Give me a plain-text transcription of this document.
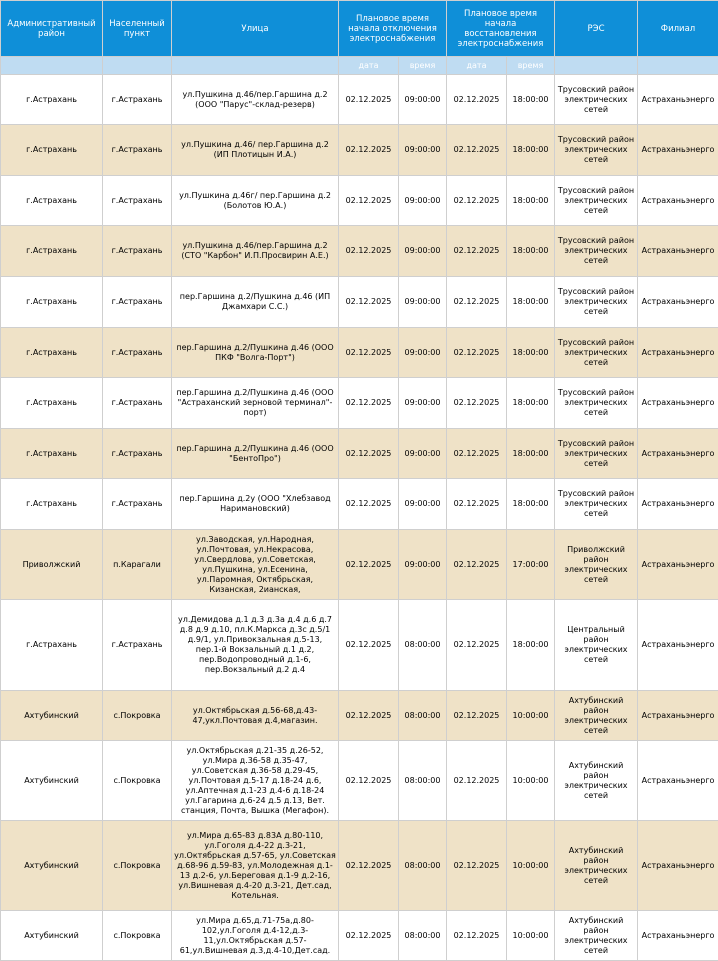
Административный район	Населенный пункт	Улица	Плановое время начала отключения электроснабжения		Плановое время начала восстановления электроснабжения		РЭС	Филиал
			дата	время	дата	время		
г.Астрахань	г.Астрахань	ул.Пушкина д.46/пер.Гаршина д.2 (ООО "Парус"-склад-резерв)	02.12.2025	09:00:00	02.12.2025	18:00:00	Трусовский район электрических сетей	Астраханьэнерго
г.Астрахань	г.Астрахань	ул.Пушкина д.46/ пер.Гаршина д.2 (ИП Плотицын И.А.)	02.12.2025	09:00:00	02.12.2025	18:00:00	Трусовский район электрических сетей	Астраханьэнерго
г.Астрахань	г.Астрахань	ул.Пушкина д.46г/ пер.Гаршина д.2 (Болотов Ю.А.)	02.12.2025	09:00:00	02.12.2025	18:00:00	Трусовский район электрических сетей	Астраханьэнерго
г.Астрахань	г.Астрахань	ул.Пушкина д.46/пер.Гаршина д.2 (СТО "Карбон" И.П.Просвирин А.Е.)	02.12.2025	09:00:00	02.12.2025	18:00:00	Трусовский район электрических сетей	Астраханьэнерго
г.Астрахань	г.Астрахань	пер.Гаршина д.2/Пушкина д.46 (ИП Джамхари С.С.)	02.12.2025	09:00:00	02.12.2025	18:00:00	Трусовский район электрических сетей	Астраханьэнерго
г.Астрахань	г.Астрахань	пер.Гаршина д.2/Пушкина д.46 (ООО ПКФ "Волга-Порт")	02.12.2025	09:00:00	02.12.2025	18:00:00	Трусовский район электрических сетей	Астраханьэнерго
г.Астрахань	г.Астрахань	пер.Гаршина д.2/Пушкина д.46 (ООО "Астраханский зерновой терминал"-порт)	02.12.2025	09:00:00	02.12.2025	18:00:00	Трусовский район электрических сетей	Астраханьэнерго
г.Астрахань	г.Астрахань	пер.Гаршина д.2/Пушкина д.46 (ООО "БентоПро")	02.12.2025	09:00:00	02.12.2025	18:00:00	Трусовский район электрических сетей	Астраханьэнерго
г.Астрахань	г.Астрахань	пер.Гаршина д.2у (ООО "Хлебзавод Наримановский)	02.12.2025	09:00:00	02.12.2025	18:00:00	Трусовский район электрических сетей	Астраханьэнерго
Приволжский	п.Карагали	ул.Заводская, ул.Народная, ул.Почтовая, ул.Некрасова, ул.Свердлова, ул.Советская, ул.Пушкина, ул.Есенина, ул.Паромная, Октябрьская, Кизанская, 2ианская,	02.12.2025	09:00:00	02.12.2025	17:00:00	Приволжский район электрических сетей	Астраханьэнерго
г.Астрахань	г.Астрахань	ул.Демидова д.1 д.3 д.3а д.4 д.6 д.7 д.8 д.9 д.10, пл.К.Маркса д.3с д.5/1 д.9/1, ул.Привокзальная д.5-13, пер.1-й Вокзальный д.1 д.2, пер.Водопроводный д.1-6, пер.Вокзальный д.2 д.4	02.12.2025	08:00:00	02.12.2025	18:00:00	Центральный район электрических сетей	Астраханьэнерго
Ахтубинский	с.Покровка	ул.Октябрьская д.56-68,д.43-47,укл.Почтовая д.4,магазин.	02.12.2025	08:00:00	02.12.2025	10:00:00	Ахтубинский район электрических сетей	Астраханьэнерго
Ахтубинский	с.Покровка	ул.Октябрьская д.21-35 д.26-52, ул.Мира д.36-58 д.35-47, ул.Советская д.36-58 д.29-45, ул.Почтовая д.5-17 д.18-24 д.6, ул.Аптечная д.1-23 д.4-6 д.18-24 ул.Гагарина д.6-24 д.5 д.13, Вет. станция, Почта, Вышка (Мегафон).	02.12.2025	08:00:00	02.12.2025	10:00:00	Ахтубинский район электрических сетей	Астраханьэнерго
Ахтубинский	с.Покровка	ул.Мира д.65-83 д.83А д.80-110, ул.Гоголя д.4-22 д.3-21, ул.Октябрьская д.57-65, ул.Советская д.68-96 д.59-83, ул.Молодежная д.1-13 д.2-6, ул.Береговая д.1-9 д.2-16, ул.Вишневая д.4-20 д.3-21, Дет.сад, Котельная.	02.12.2025	08:00:00	02.12.2025	10:00:00	Ахтубинский район электрических сетей	Астраханьэнерго
Ахтубинский	с.Покровка	ул.Мира д.65,д.71-75а,д.80-102,ул.Гоголя д.4-12,д.3-11,ул.Октябрьская д.57-61,ул.Вишневая д.3,д.4-10,Дет.сад.	02.12.2025	08:00:00	02.12.2025	10:00:00	Ахтубинский район электрических сетей	Астраханьэнерго
